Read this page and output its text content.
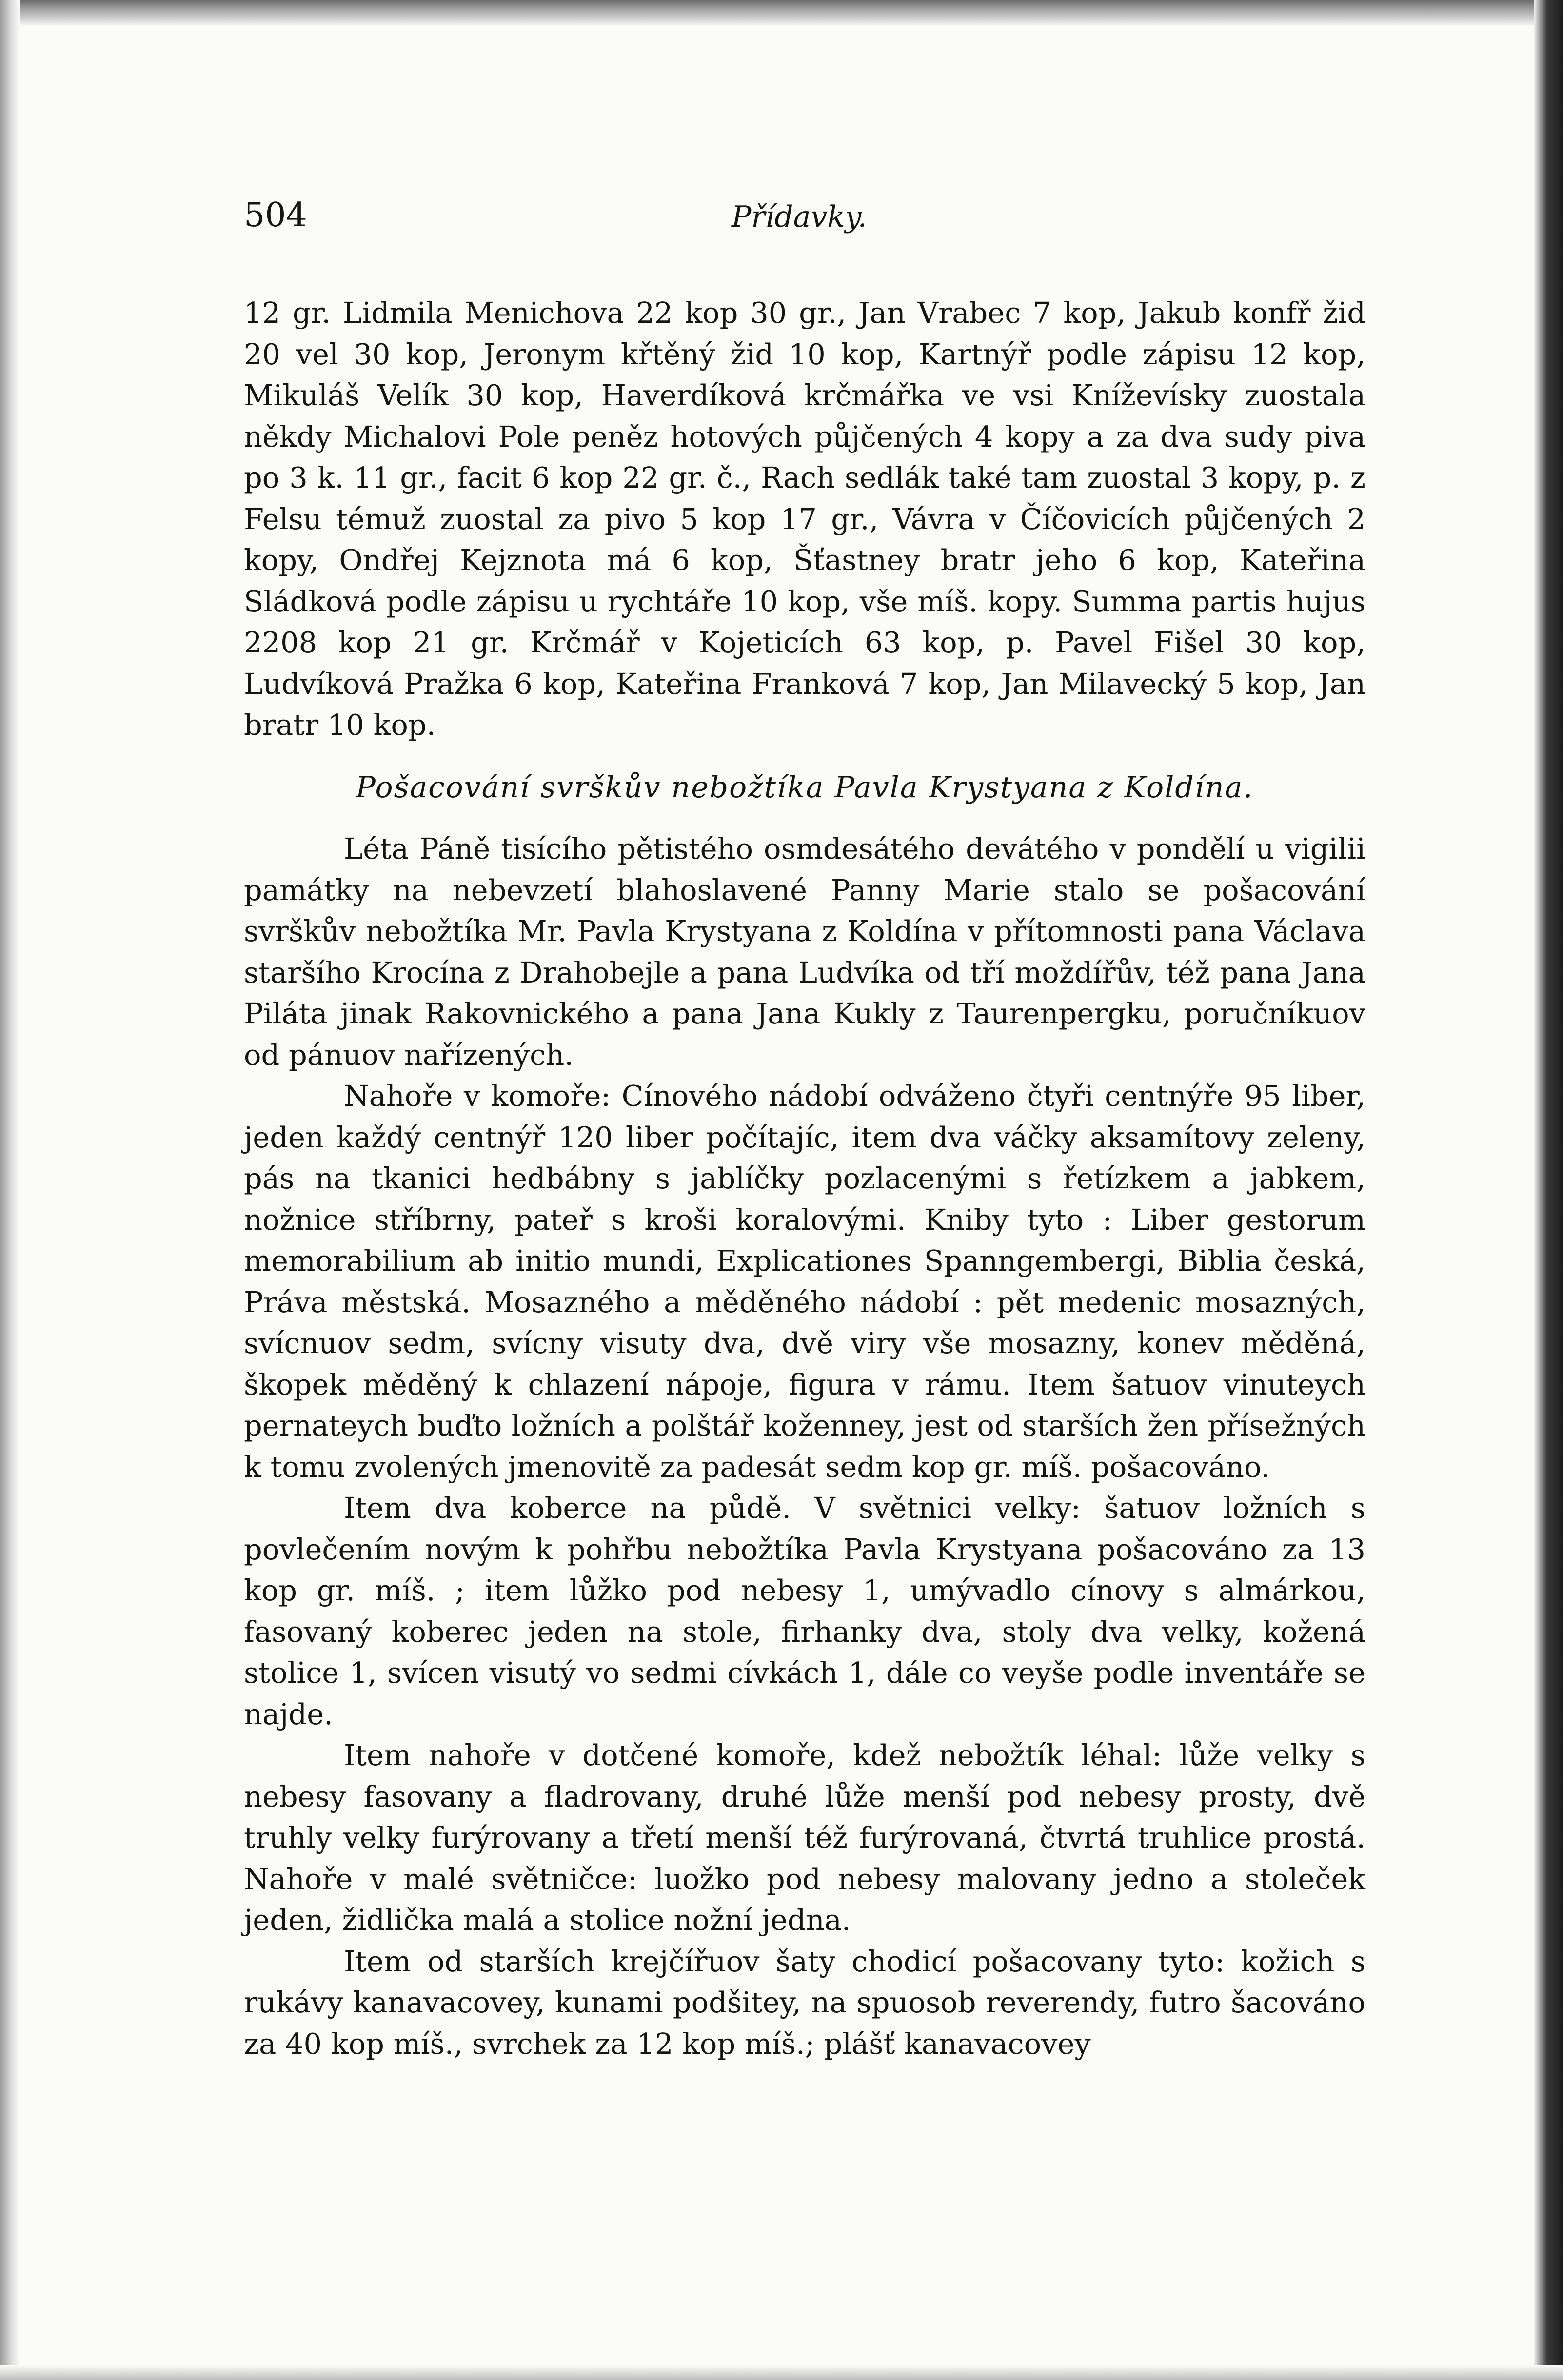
504	Přídavky.

12 gr. Lidmila Menichova 22 kop 30 gr., Jan Vrabec 7 kop, Jakub konfř žid 20 vel 30 kop, Jeronym křtěný žid 10 kop, Kartnýř podle zápisu 12 kop, Mikuláš Velík 30 kop, Haverdíková krčmářka ve vsi Kníževísky zuostala někdy Michalovi Pole peněz hotových půjčených 4 kopy a za dva sudy piva po 3 k. 11 gr., facit 6 kop 22 gr. č., Rach sedlák také tam zuostal 3 kopy, p. z Felsu témuž zuostal za pivo 5 kop 17 gr., Vávra v Číčovicích půjčených 2 kopy, Ondřej Kejznota má 6 kop, Šťastney bratr jeho 6 kop, Kateřina Sládková podle zápisu u rychtáře 10 kop, vše míš. kopy. Summa partis hujus 2208 kop 21 gr. Krčmář v Kojeticích 63 kop, p. Pavel Fišel 30 kop, Ludvíková Pražka 6 kop, Kateřina Franková 7 kop, Jan Milavecký 5 kop, Jan bratr 10 kop.

Pošacování svrškův nebožtíka Pavla Krystyana z Koldína.

Léta Páně tisícího pětistého osmdesátého devátého v pondělí u vigilii památky na nebevzetí blahoslavené Panny Marie stalo se pošacování svrškův nebožtíka Mr. Pavla Krystyana z Koldína v přítomnosti pana Václava staršího Krocína z Drahobejle a pana Ludvíka od tří moždířův, též pana Jana Piláta jinak Rakovnického a pana Jana Kukly z Taurenpergku, poručníkuov od pánuov nařízených.

Nahoře v komoře: Cínového nádobí odváženo čtyři centnýře 95 liber, jeden každý centnýř 120 liber počítajíc, item dva váčky aksamítovy zeleny, pás na tkanici hedbábny s jablíčky pozlacenými s řetízkem a jabkem, nožnice stříbrny, pateř s kroši koralovými. Kniby tyto : Liber gestorum memorabilium ab initio mundi, Explicationes Spanngembergi, Biblia česká, Práva městská. Mosazného a měděného nádobí : pět medenic mosazných, svícnuov sedm, svícny visuty dva, dvě viry vše mosazny, konev měděná, škopek měděný k chlazení nápoje, figura v rámu. Item šatuov vinuteych pernateych buďto ložních a polštář koženney, jest od starších žen přísežných k tomu zvolených jmenovitě za padesát sedm kop gr. míš. pošacováno.

Item dva koberce na půdě. V světnici velky: šatuov ložních s povlečením novým k pohřbu nebožtíka Pavla Krystyana pošacováno za 13 kop gr. míš. ; item lůžko pod nebesy 1, umývadlo cínovy s almárkou, fasovaný koberec jeden na stole, firhanky dva, stoly dva velky, kožená stolice 1, svícen visutý vo sedmi cívkách 1, dále co veyše podle inventáře se najde.

Item nahoře v dotčené komoře, kdež nebožtík léhal: lůže velky s nebesy fasovany a fladrovany, druhé lůže menší pod nebesy prosty, dvě truhly velky furýrovany a třetí menší též furýrovaná, čtvrtá truhlice prostá. Nahoře v malé světničce: luožko pod nebesy malovany jedno a stoleček jeden, židlička malá a stolice nožní jedna.

Item od starších krejčířuov šaty chodicí pošacovany tyto: kožich s rukávy kanavacovey, kunami podšitey, na spuosob reverendy, futro šacováno za 40 kop míš., svrchek za 12 kop míš.; plášť kanavacovey
